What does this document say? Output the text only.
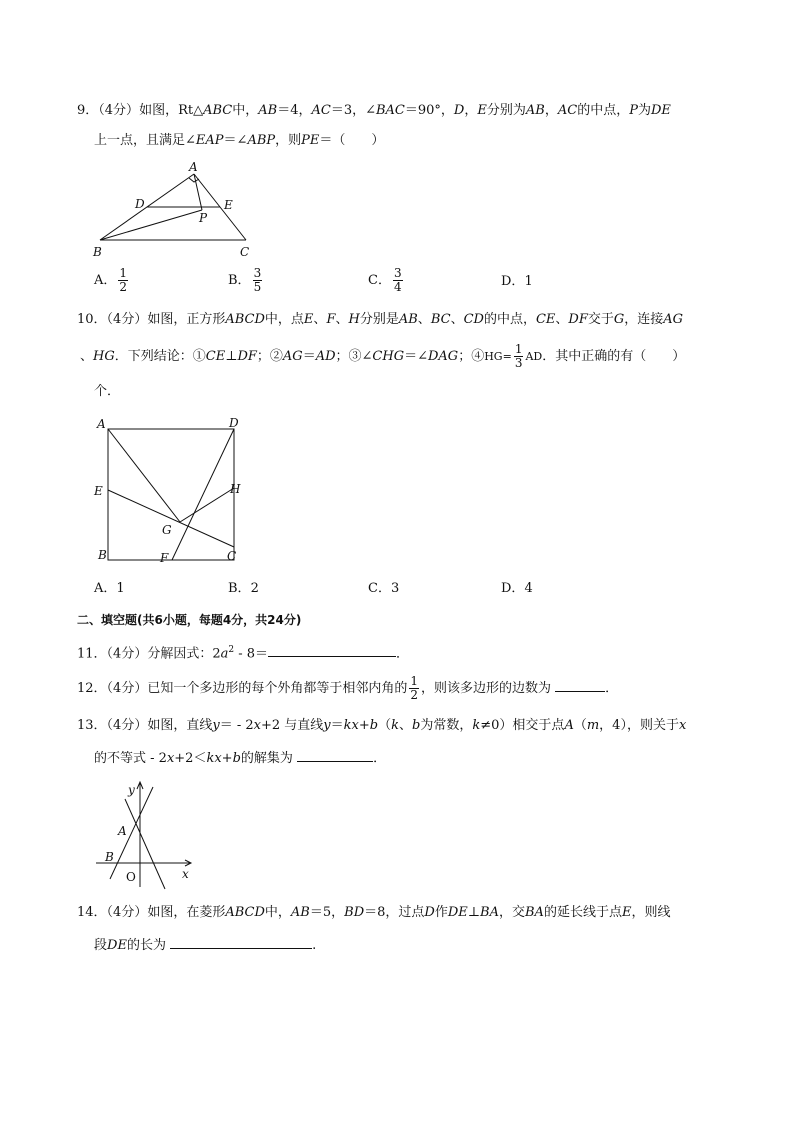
9．（4分）如图，Rt△ABC中，AB＝4，AC＝3，∠BAC＝90°，D，E分别为AB，AC的中点，P为DE
上一点，且满足∠EAP＝∠ABP，则PE＝（　　）
A
D	E
P
B	C
A． $\frac{1}{2}$	B． $\frac{3}{5}$	C． $\frac{3}{4}$	D．1
10．（4分）如图，正方形ABCD中，点E、F、H分别是AB、BC、CD的中点，CE、DF交于G，连接AG
、HG．下列结论：①CE⊥DF；②AG＝AD；③∠CHG＝∠DAG；④HG= $\frac{1}{3}$ AD．其中正确的有（　　）
个．
A	D
E	H
G
B	F	C
A．1	B．2	C．3	D．4
二、填空题(共6小题，每题4分，共24分)
11．（4分）分解因式：$2a^2 - 8=$	．
12．（4分）已知一个多边形的每个外角都等于相邻内角的 $\frac{1}{2}$ ，则该多边形的边数为	．
13．（4分）如图，直线y＝ - 2x+2 与直线y＝kx+b（k、b为常数，k≠0）相交于点A（m，4），则关于x
的不等式 - 2x+2＜kx+b的解集为	．
y
A
B
O	x
14．（4分）如图，在菱形ABCD中，AB＝5，BD＝8，过点D作DE⊥BA，交BA的延长线于点E，则线
段DE的长为	.
